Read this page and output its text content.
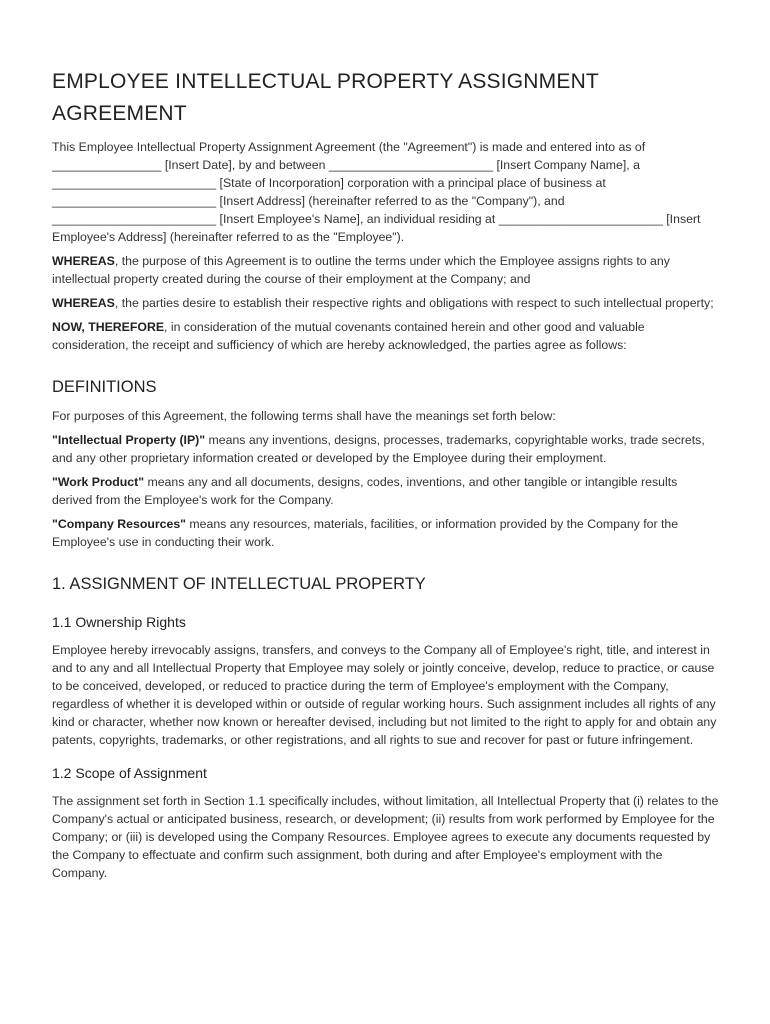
EMPLOYEE INTELLECTUAL PROPERTY ASSIGNMENT AGREEMENT

This Employee Intellectual Property Assignment Agreement (the "Agreement") is made and entered into as of ________________ [Insert Date], by and between ________________________ [Insert Company Name], a ________________________ [State of Incorporation] corporation with a principal place of business at ________________________ [Insert Address] (hereinafter referred to as the "Company"), and ________________________ [Insert Employee's Name], an individual residing at ________________________ [Insert Employee's Address] (hereinafter referred to as the "Employee").

WHEREAS, the purpose of this Agreement is to outline the terms under which the Employee assigns rights to any intellectual property created during the course of their employment at the Company; and

WHEREAS, the parties desire to establish their respective rights and obligations with respect to such intellectual property;

NOW, THEREFORE, in consideration of the mutual covenants contained herein and other good and valuable consideration, the receipt and sufficiency of which are hereby acknowledged, the parties agree as follows:

DEFINITIONS

For purposes of this Agreement, the following terms shall have the meanings set forth below:

"Intellectual Property (IP)" means any inventions, designs, processes, trademarks, copyrightable works, trade secrets, and any other proprietary information created or developed by the Employee during their employment.

"Work Product" means any and all documents, designs, codes, inventions, and other tangible or intangible results derived from the Employee's work for the Company.

"Company Resources" means any resources, materials, facilities, or information provided by the Company for the Employee's use in conducting their work.

1. ASSIGNMENT OF INTELLECTUAL PROPERTY
1.1 Ownership Rights

Employee hereby irrevocably assigns, transfers, and conveys to the Company all of Employee's right, title, and interest in and to any and all Intellectual Property that Employee may solely or jointly conceive, develop, reduce to practice, or cause to be conceived, developed, or reduced to practice during the term of Employee's employment with the Company, regardless of whether it is developed within or outside of regular working hours. Such assignment includes all rights of any kind or character, whether now known or hereafter devised, including but not limited to the right to apply for and obtain any patents, copyrights, trademarks, or other registrations, and all rights to sue and recover for past or future infringement.

1.2 Scope of Assignment

The assignment set forth in Section 1.1 specifically includes, without limitation, all Intellectual Property that (i) relates to the Company's actual or anticipated business, research, or development; (ii) results from work performed by Employee for the Company; or (iii) is developed using the Company Resources. Employee agrees to execute any documents requested by the Company to effectuate and confirm such assignment, both during and after Employee's employment with the Company.
